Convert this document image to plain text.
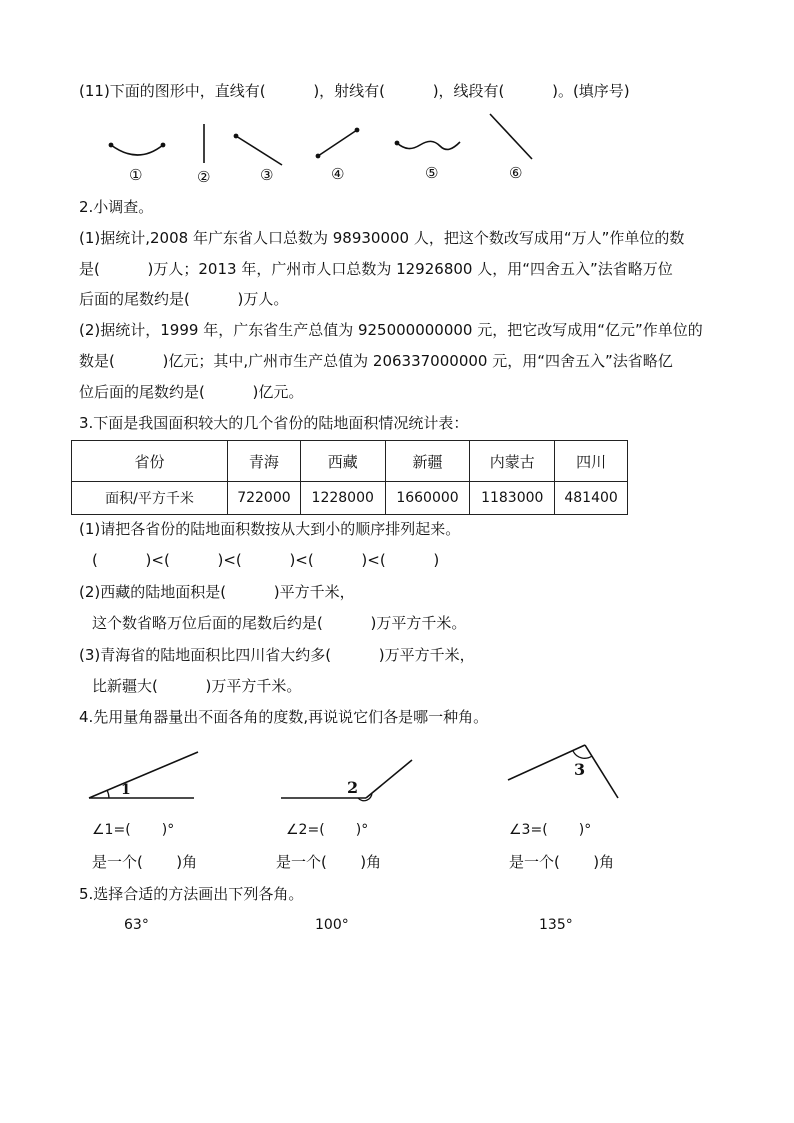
(11)下面的图形中，直线有(          )，射线有(          )，线段有(          )。(填序号)
①	②	③	④	⑤	⑥
2.小调查。
(1)据统计,2008 年广东省人口总数为 98930000 人，把这个数改写成用“万人”作单位的数
是(          )万人；2013 年，广州市人口总数为 12926800 人，用“四舍五入”法省略万位
后面的尾数约是(          )万人。
(2)据统计，1999 年，广东省生产总值为 925000000000 元，把它改写成用“亿元”作单位的
数是(          )亿元；其中,广州市生产总值为 206337000000 元，用“四舍五入”法省略亿
位后面的尾数约是(          )亿元。
3.下面是我国面积较大的几个省份的陆地面积情况统计表：
省份	青海	西藏	新疆	内蒙古	四川
面积/平方千米	722000	1228000	1660000	1183000	481400
(1)请把各省份的陆地面积数按从大到小的顺序排列起来。
(          )<(          )<(          )<(          )<(          )
(2)西藏的陆地面积是(          )平方千米，
这个数省略万位后面的尾数后约是(          )万平方千米。
(3)青海省的陆地面积比四川省大约多(          )万平方千米，
比新疆大(          )万平方千米。
4.先用量角器量出不面各角的度数,再说说它们各是哪一种角。
1	2
3
∠1=(       )°	∠2=(       )°	∠3=(       )°
是一个(       )角	是一个(       )角	是一个(       )角
5.选择合适的方法画出下列各角。
63°	100°	135°
